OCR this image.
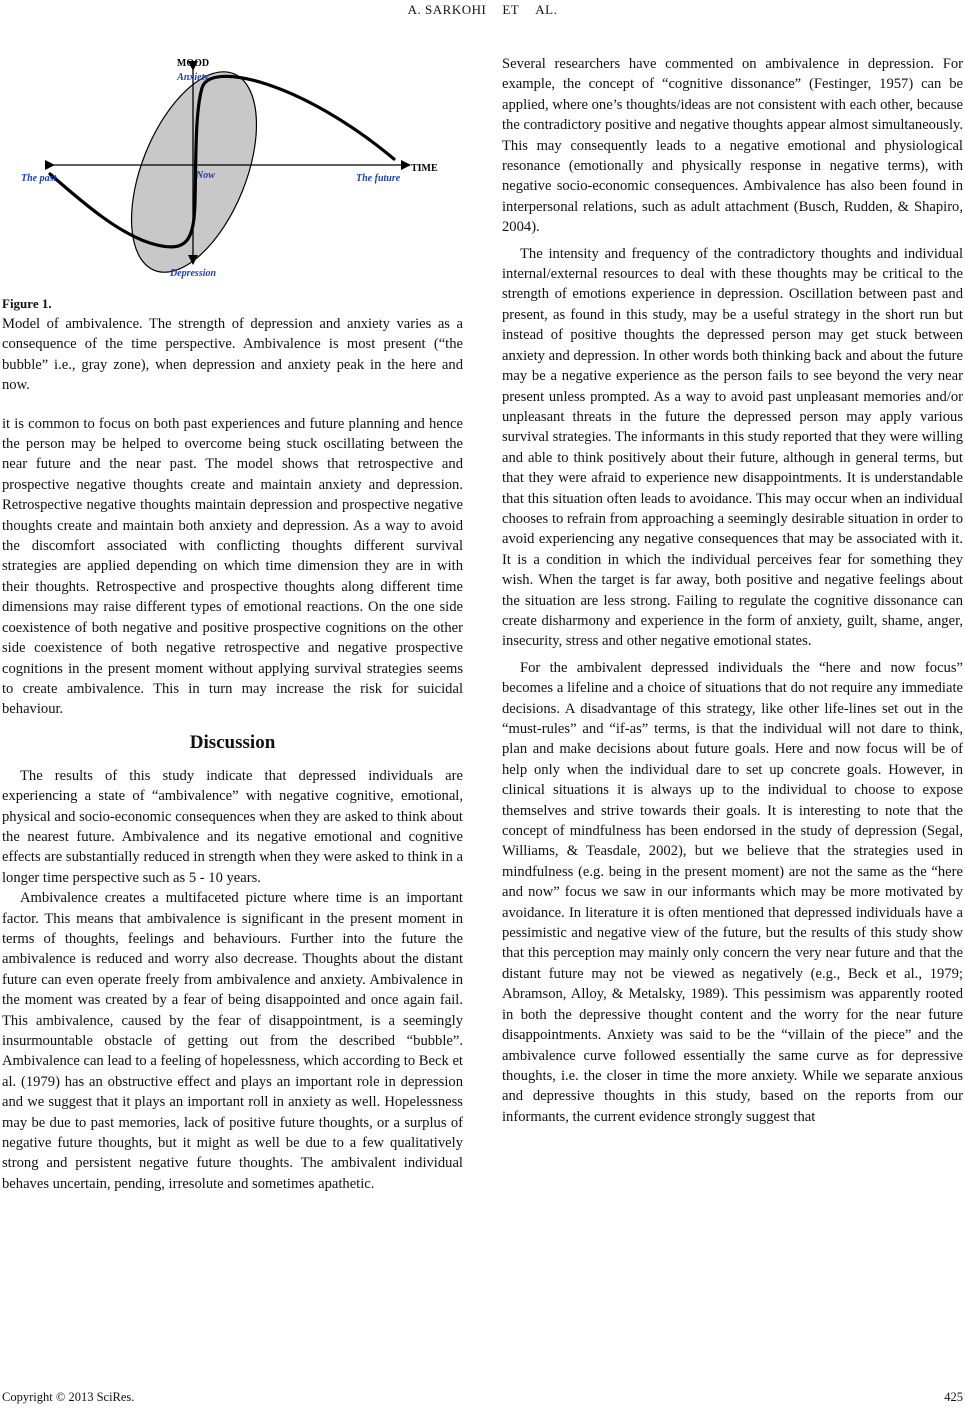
A. SARKOHI ET AL.
MOOD
Anxiety
TIME
The past	Now	The future
Depression
Figure 1.

Model of ambivalence. The strength of depression and anxiety varies as a consequence of the time perspective. Ambivalence is most present (“the bubble” i.e., gray zone), when depression and anxiety peak in the here and now.

it is common to focus on both past experiences and future planning and hence the person may be helped to overcome being stuck oscillating between the near future and the near past. The model shows that retrospective and prospective negative thoughts create and maintain anxiety and depression. Retrospective negative thoughts maintain depression and prospective negative thoughts create and maintain both anxiety and depression. As a way to avoid the discomfort associated with conflicting thoughts different survival strategies are applied depending on which time dimension they are in with their thoughts. Retrospective and prospective thoughts along different time dimensions may raise different types of emotional reactions. On the one side coexistence of both negative and positive prospective cognitions on the other side coexistence of both negative retrospective and negative prospective cognitions in the present moment without applying survival strategies seems to create ambivalence. This in turn may increase the risk for suicidal behaviour.

Discussion

The results of this study indicate that depressed individuals are experiencing a state of “ambivalence” with negative cognitive, emotional, physical and socio-economic consequences when they are asked to think about the nearest future. Ambivalence and its negative emotional and cognitive effects are substantially reduced in strength when they were asked to think in a longer time perspective such as 5 - 10 years.

Ambivalence creates a multifaceted picture where time is an important factor. This means that ambivalence is significant in the present moment in terms of thoughts, feelings and behaviours. Further into the future the ambivalence is reduced and worry also decrease. Thoughts about the distant future can even operate freely from ambivalence and anxiety. Ambivalence in the moment was created by a fear of being disappointed and once again fail. This ambivalence, caused by the fear of disappointment, is a seemingly insurmountable obstacle of getting out from the described “bubble”. Ambivalence can lead to a feeling of hopelessness, which according to Beck et al. (1979) has an obstructive effect and plays an important role in depression and we suggest that it plays an important roll in anxiety as well. Hopelessness may be due to past memories, lack of positive future thoughts, or a surplus of negative future thoughts, but it might as well be due to a few qualitatively strong and persistent negative future thoughts. The ambivalent individual behaves uncertain, pending, irresolute and sometimes apathetic.

Several researchers have commented on ambivalence in depression. For example, the concept of “cognitive dissonance” (Festinger, 1957) can be applied, where one’s thoughts/ideas are not consistent with each other, because the contradictory positive and negative thoughts appear almost simultaneously. This may consequently leads to a negative emotional and physiological resonance (emotionally and physically response in negative terms), with negative socio-economic consequences. Ambivalence has also been found in interpersonal relations, such as adult attachment (Busch, Rudden, & Shapiro, 2004).

The intensity and frequency of the contradictory thoughts and individual internal/external resources to deal with these thoughts may be critical to the strength of emotions experience in depression. Oscillation between past and present, as found in this study, may be a useful strategy in the short run but instead of positive thoughts the depressed person may get stuck between anxiety and depression. In other words both thinking back and about the future may be a negative experience as the person fails to see beyond the very near present unless prompted. As a way to avoid past unpleasant memories and/or unpleasant threats in the future the depressed person may apply various survival strategies. The informants in this study reported that they were willing and able to think positively about their future, although in general terms, but that they were afraid to experience new disappointments. It is understandable that this situation often leads to avoidance. This may occur when an individual chooses to refrain from approaching a seemingly desirable situation in order to avoid experiencing any negative consequences that may be associated with it. It is a condition in which the individual perceives fear for something they wish. When the target is far away, both positive and negative feelings about the situation are less strong. Failing to regulate the cognitive dissonance can create disharmony and experience in the form of anxiety, guilt, shame, anger, insecurity, stress and other negative emotional states.

For the ambivalent depressed individuals the “here and now focus” becomes a lifeline and a choice of situations that do not require any immediate decisions. A disadvantage of this strategy, like other life-lines set out in the “must-rules” and “if-as” terms, is that the individual will not dare to think, plan and make decisions about future goals. Here and now focus will be of help only when the individual dare to set up concrete goals. However, in clinical situations it is always up to the individual to choose to expose themselves and strive towards their goals. It is interesting to note that the concept of mindfulness has been endorsed in the study of depression (Segal, Williams, & Teasdale, 2002), but we believe that the strategies used in mindfulness (e.g. being in the present moment) are not the same as the “here and now” focus we saw in our informants which may be more motivated by avoidance. In literature it is often mentioned that depressed individuals have a pessimistic and negative view of the future, but the results of this study show that this perception may mainly only concern the very near future and that the distant future may not be viewed as negatively (e.g., Beck et al., 1979; Abramson, Alloy, & Metalsky, 1989). This pessimism was apparently rooted in both the depressive thought content and the worry for the near future disappointments. Anxiety was said to be the “villain of the piece” and the ambivalence curve followed essentially the same curve as for depressive thoughts, i.e. the closer in time the more anxiety. While we separate anxious and depressive thoughts in this study, based on the reports from our informants, the current evidence strongly suggest that

Copyright © 2013 SciRes.	425
